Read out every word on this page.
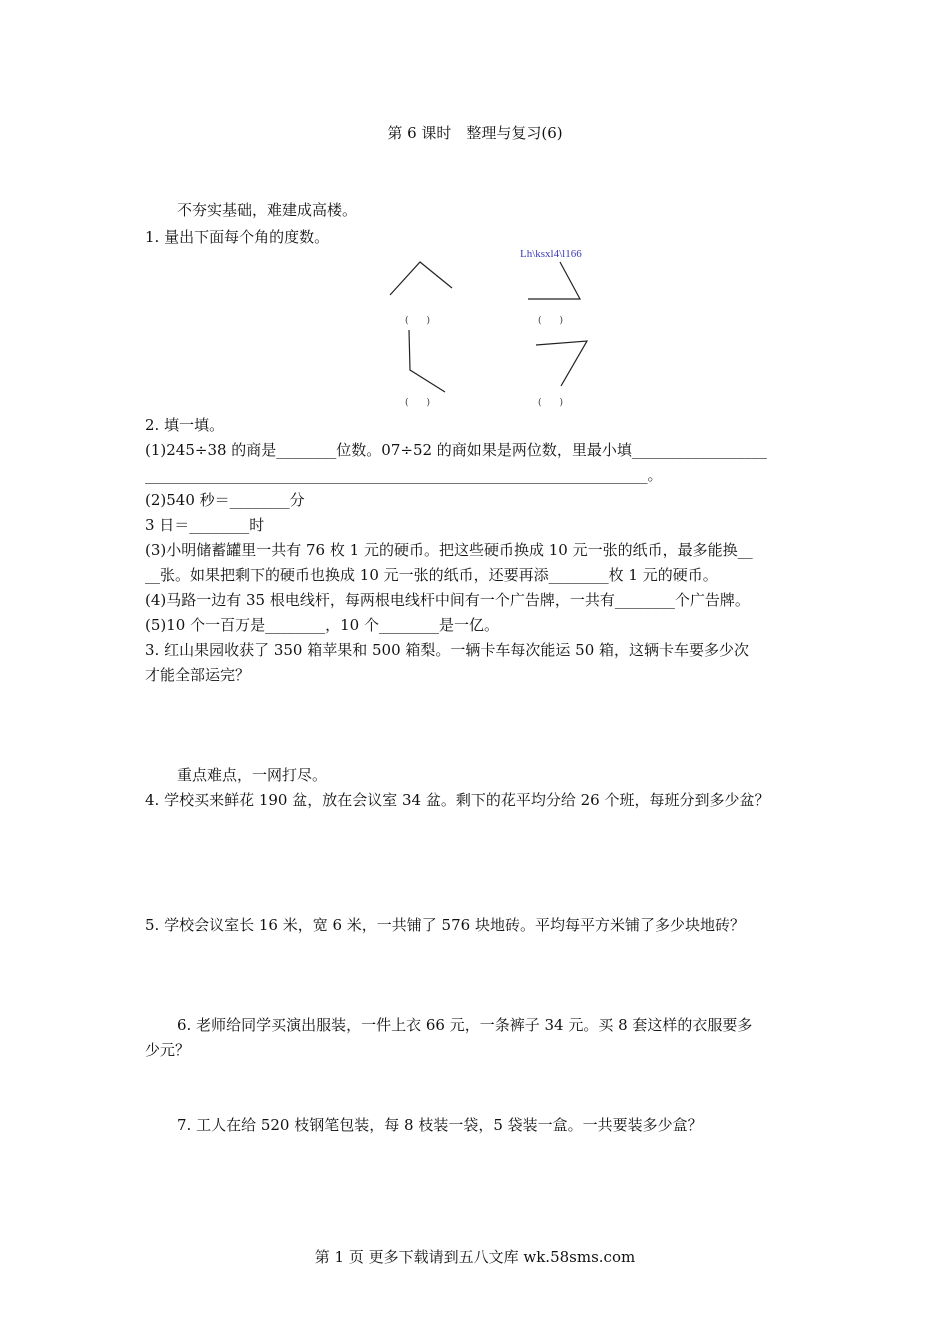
第 6 课时　整理与复习(6)
不夯实基础，难建成高楼。
1. 量出下面每个角的度数。
Lh\ksxl4\l166
(　　)	(　　)
(　　)	(　　)
2. 填一填。
(1)245÷38 的商是________位数。07÷52 的商如果是两位数，里最小填__________________
___________________________________________________________________。
(2)540 秒＝________分
3 日＝________时
(3)小明储蓄罐里一共有 76 枚 1 元的硬币。把这些硬币换成 10 元一张的纸币，最多能换__
__张。如果把剩下的硬币也换成 10 元一张的纸币，还要再添________枚 1 元的硬币。
(4)马路一边有 35 根电线杆，每两根电线杆中间有一个广告牌，一共有________个广告牌。
(5)10 个一百万是________，10 个________是一亿。
3. 红山果园收获了 350 箱苹果和 500 箱梨。一辆卡车每次能运 50 箱，这辆卡车要多少次
才能全部运完？
重点难点，一网打尽。
4. 学校买来鲜花 190 盆，放在会议室 34 盆。剩下的花平均分给 26 个班，每班分到多少盆？
5. 学校会议室长 16 米，宽 6 米，一共铺了 576 块地砖。平均每平方米铺了多少块地砖？
6. 老师给同学买演出服装，一件上衣 66 元，一条裤子 34 元。买 8 套这样的衣服要多
少元？
7. 工人在给 520 枝钢笔包装，每 8 枝装一袋，5 袋装一盒。一共要装多少盒？
第 1 页 更多下载请到五八文库 wk.58sms.com
